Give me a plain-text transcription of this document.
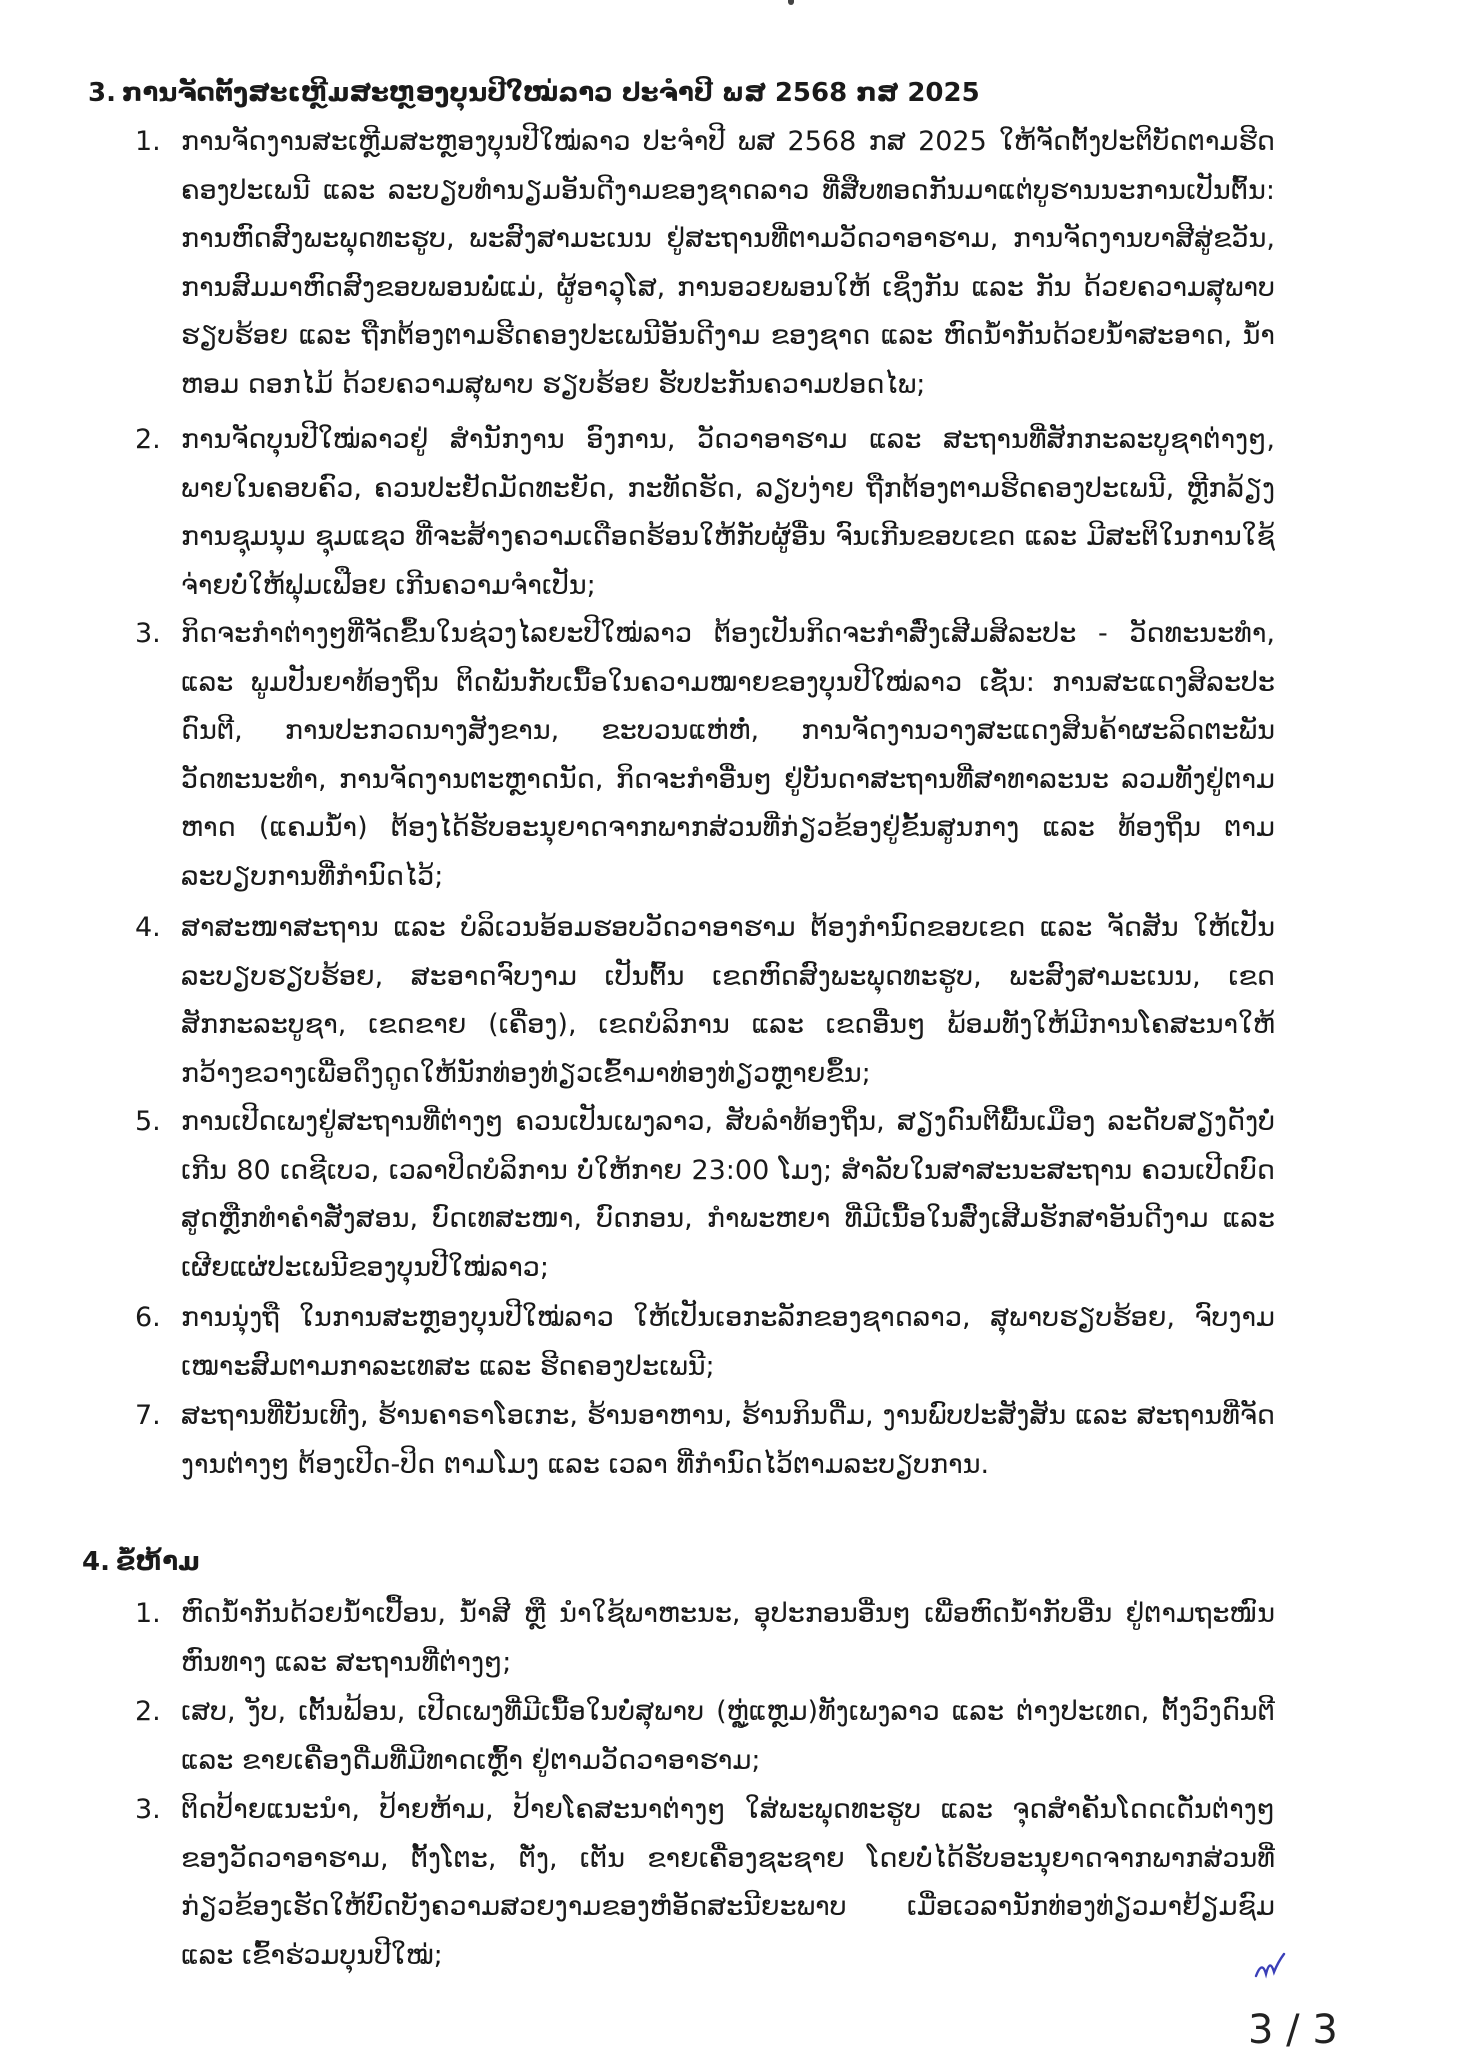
3. ການຈັດຕັ້ງສະເຫຼີມສະຫຼອງບຸນປີໃໝ່ລາວ ປະຈຳປີ ພສ 2568 ກສ 2025
1. ການຈັດງານສະເຫຼີມສະຫຼອງບຸນປີໃໝ່ລາວ ປະຈຳປີ ພສ 2568 ກສ 2025 ໃຫ້ຈັດຕັ້ງປະຕິບັດຕາມຮີດຄອງປະເພນີ ແລະ ລະບຽບທຳນຽມອັນດີງາມຂອງຊາດລາວ ທີ່ສືບທອດກັນມາແຕ່ບູຮານນະການເປັນຕົ້ນ: ການຫົດສົງພະພຸດທະຮູບ, ພະສົງສາມະເນນ ຢູ່ສະຖານທີ່ຕາມວັດວາອາຮາມ, ການຈັດງານບາສີສູ່ຂວັນ, ການສົມມາຫົດສົງຂອບພອນພໍ່ແມ່, ຜູ້ອາວຸໂສ, ການອວຍພອນໃຫ້ ເຊິ່ງກັນ ແລະ ກັນ ດ້ວຍຄວາມສຸພາບຮຽບຮ້ອຍ ແລະ ຖືກຕ້ອງຕາມຮີດຄອງປະເພນີອັນດີງາມ ຂອງຊາດ ແລະ ຫົດນ້ຳກັນດ້ວຍນ້ຳສະອາດ, ນ້ຳຫອມ ດອກໄມ້ ດ້ວຍຄວາມສຸພາບ ຮຽບຮ້ອຍ ຮັບປະກັນຄວາມປອດໄພ;
2. ການຈັດບຸນປີໃໝ່ລາວຢູ່ ສຳນັກງານ ອົງການ, ວັດວາອາຮາມ ແລະ ສະຖານທີ່ສັກກະລະບູຊາຕ່າງໆ, ພາຍໃນຄອບຄົວ, ຄວນປະຢັດມັດທະຍັດ, ກະທັດຮັດ, ລຽບງ່າຍ ຖືກຕ້ອງຕາມຮີດຄອງປະເພນີ, ຫຼີກລ້ຽງການຊຸມນຸມ ຊຸມແຊວ ທີ່ຈະສ້າງຄວາມເດືອດຮ້ອນໃຫ້ກັບຜູ້ອື່ນ ຈົນເກີນຂອບເຂດ ແລະ ມີສະຕິໃນການໃຊ້ຈ່າຍບໍ່ໃຫ້ຟຸມເຟືອຍ ເກີນຄວາມຈຳເປັນ;
3. ກິດຈະກຳຕ່າງໆທີ່ຈັດຂຶ້ນໃນຊ່ວງໄລຍະປີໃໝ່ລາວ ຕ້ອງເປັນກິດຈະກຳສົ່ງເສີມສິລະປະ - ວັດທະນະທຳ, ແລະ ພູມປັນຍາທ້ອງຖິ່ນ ຕິດພັນກັບເນື້ອໃນຄວາມໝາຍຂອງບຸນປີໃໝ່ລາວ ເຊັ່ນ: ການສະແດງສິລະປະດົນຕີ, ການປະກວດນາງສັງຂານ, ຂະບວນແຫ່ຫໍ່, ການຈັດງານວາງສະແດງສິນຄ້າຜະລິດຕະພັນວັດທະນະທຳ, ການຈັດງານຕະຫຼາດນັດ, ກິດຈະກຳອື່ນໆ ຢູ່ບັນດາສະຖານທີ່ສາທາລະນະ ລວມທັງຢູ່ຕາມຫາດ (ແຄມນ້ຳ) ຕ້ອງໄດ້ຮັບອະນຸຍາດຈາກພາກສ່ວນທີ່ກ່ຽວຂ້ອງຢູ່ຂັ້ນສູນກາງ ແລະ ທ້ອງຖິ່ນ ຕາມລະບຽບການທີ່ກຳນົດໄວ້;
4. ສາສະໜາສະຖານ ແລະ ບໍລິເວນອ້ອມຮອບວັດວາອາຮາມ ຕ້ອງກຳນົດຂອບເຂດ ແລະ ຈັດສັນ ໃຫ້ເປັນລະບຽບຮຽບຮ້ອຍ, ສະອາດຈົບງາມ ເປັນຕົ້ນ ເຂດຫົດສົງພະພຸດທະຮູບ, ພະສົງສາມະເນນ, ເຂດສັກກະລະບູຊາ, ເຂດຂາຍ (ເຄື່ອງ), ເຂດບໍລິການ ແລະ ເຂດອື່ນໆ ພ້ອມທັງໃຫ້ມີການໂຄສະນາໃຫ້ກວ້າງຂວາງເພື່ອດຶງດູດໃຫ້ນັກທ່ອງທ່ຽວເຂົ້າມາທ່ອງທ່ຽວຫຼາຍຂຶ້ນ;
5. ການເປີດເພງຢູ່ສະຖານທີ່ຕ່າງໆ ຄວນເປັນເພງລາວ, ສັບລຳທ້ອງຖິ່ນ, ສຽງດົນຕີພື້ນເມືອງ ລະດັບສຽງດັງບໍ່ເກີນ 80 ເດຊີເບວ, ເວລາປິດບໍລິການ ບໍ່ໃຫ້ກາຍ 23:00 ໂມງ; ສຳລັບໃນສາສະນະສະຖານ ຄວນເປີດບົດສູດຫຼືກທຳຄຳສັ່ງສອນ, ບົດເທສະໜາ, ບົດກອນ, ກຳພະຫຍາ ທີ່ມີເນື້ອໃນສົ່ງເສີມຮັກສາອັນດີງາມ ແລະ ເຜີຍແຜ່ປະເພນີຂອງບຸນປີໃໝ່ລາວ;
6. ການນຸ່ງຖື ໃນການສະຫຼອງບຸນປີໃໝ່ລາວ ໃຫ້ເປັນເອກະລັກຂອງຊາດລາວ, ສຸພາບຮຽບຮ້ອຍ, ຈົບງາມເໝາະສົມຕາມກາລະເທສະ ແລະ ຮີດຄອງປະເພນີ;
7. ສະຖານທີ່ບັນເທີງ, ຮ້ານຄາຣາໂອເກະ, ຮ້ານອາຫານ, ຮ້ານກິນດື່ມ, ງານພົບປະສັງສັນ ແລະ ສະຖານທີ່ຈັດງານຕ່າງໆ ຕ້ອງເປີດ-ປິດ ຕາມໂມງ ແລະ ເວລາ ທີ່ກຳນົດໄວ້ຕາມລະບຽບການ.
4. ຂໍ້ຫ້າມ
1. ຫົດນ້ຳກັນດ້ວຍນ້ຳເປື້ອນ, ນ້ຳສີ ຫຼື ນຳໃຊ້ພາຫະນະ, ອຸປະກອນອື່ນໆ ເພື່ອຫົດນ້ຳກັບອື່ນ ຢູ່ຕາມຖະໜົນຫົນທາງ ແລະ ສະຖານທີ່ຕ່າງໆ;
2. ເສບ, ງັບ, ເຕັ້ນຟ້ອນ, ເປີດເພງທີ່ມີເນື້ອໃນບໍ່ສຸພາບ (ຫຼູ່ແຫຼມ)ທັງເພງລາວ ແລະ ຕ່າງປະເທດ, ຕັ້ງວົງດົນຕີ ແລະ ຂາຍເຄື່ອງດື່ມທີ່ມີທາດເຫຼົ້າ ຢູ່ຕາມວັດວາອາຮາມ;
3. ຕິດປ້າຍແນະນຳ, ປ້າຍຫ້າມ, ປ້າຍໂຄສະນາຕ່າງໆ ໃສ່ພະພຸດທະຮູບ ແລະ ຈຸດສຳຄັນໂດດເດັ່ນຕ່າງໆ ຂອງວັດວາອາຮາມ, ຕັ້ງໂຕະ, ຕັ່ງ, ເຕັນ ຂາຍເຄື່ອງຊະຊາຍ ໂດຍບໍ່ໄດ້ຮັບອະນຸຍາດຈາກພາກສ່ວນທີ່ກ່ຽວຂ້ອງເຮັດໃຫ້ບົດບັງຄວາມສວຍງາມຂອງຫໍອັດສະນີຍະພາບ ເມື່ອເວລານັກທ່ອງທ່ຽວມາຢ້ຽມຊົມ ແລະ ເຂົ້າຮ່ວມບຸນປີໃໝ່;
3 / 3
